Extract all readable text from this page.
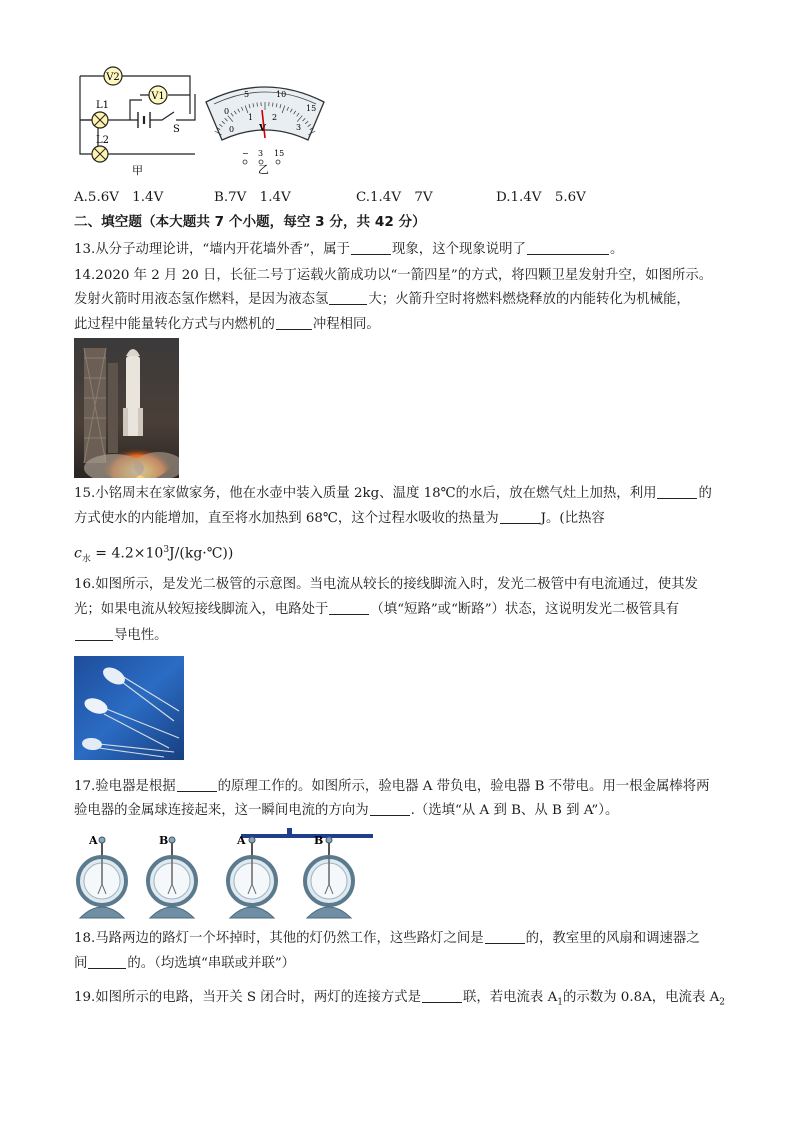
V2
V1
L1
L2
S
甲
0
5	10
15
0
1 2
3
V
− 3 15
乙
A.5.6V　1.4V	B.7V　1.4V	C.1.4V　7V	D.1.4V　5.6V
二、填空题（本大题共 7 个小题，每空 3 分，共 42 分）
13.从分子动理论讲，“墙内开花墙外香”，属于	现象，这个现象说明了	。
14.2020 年 2 月 20 日，长征二号丁运载火箭成功以“一箭四星”的方式，将四颗卫星发射升空，如图所示。
发射火箭时用液态氢作燃料，是因为液态氢	大；火箭升空时将燃料燃烧释放的内能转化为机械能，
此过程中能量转化方式与内燃机的	冲程相同。
15.小铭周末在家做家务，他在水壶中装入质量 2kg、温度 18℃的水后，放在燃气灶上加热，利用	的
方式使水的内能增加，直至将水加热到 68℃，这个过程水吸收的热量为	J。(比热容
$c_水$ = $4.2\times 10^3J/(kg\cdot℃)$)
16.如图所示，是发光二极管的示意图。当电流从较长的接线脚流入时，发光二极管中有电流通过，使其发
光；如果电流从较短接线脚流入，电路处于	（填“短路”或“断路”）状态，这说明发光二极管具有
导电性。
17.验电器是根据	的原理工作的。如图所示，验电器 A 带负电，验电器 B 不带电。用一根金属棒将两
验电器的金属球连接起来，这一瞬间电流的方向为	.（选填“从 A 到 B、从 B 到 A”）。
A	B	A	B
18.马路两边的路灯一个坏掉时，其他的灯仍然工作，这些路灯之间是	的，教室里的风扇和调速器之
间	的。（均选填“串联或并联”）
19.如图所示的电路，当开关 S 闭合时，两灯的连接方式是	联，若电流表 $A_1$的示数为 0.8A，电流表 $A_2$
